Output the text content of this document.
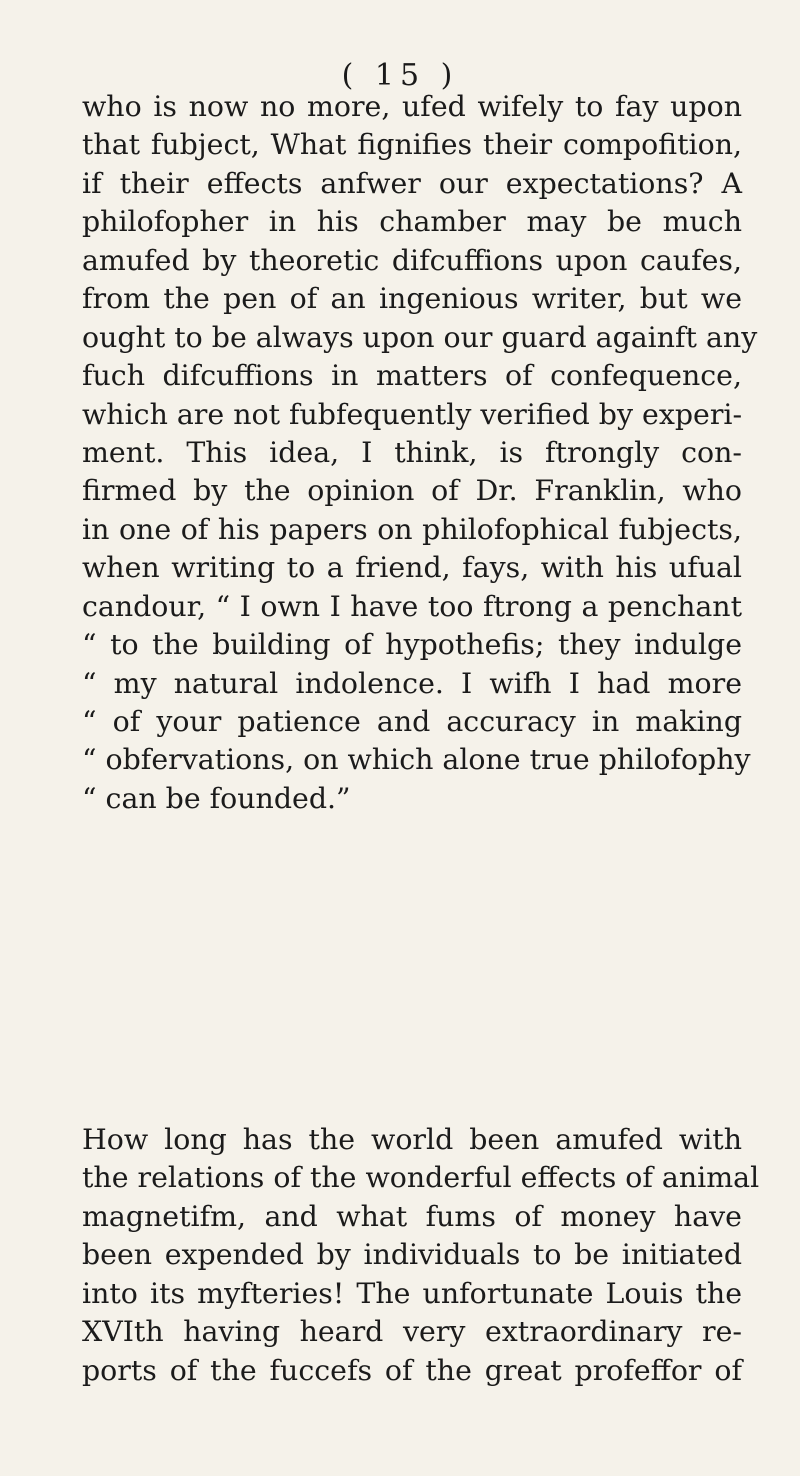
( 15 )
who is now no more, ufed wifely to fay upon
that fubject, What fignifies their compofition,
if their effects anfwer our expectations? A
philofopher in his chamber may be much
amufed by theoretic difcuffions upon caufes,
from the pen of an ingenious writer, but we
ought to be always upon our guard againft any
fuch difcuffions in matters of confequence,
which are not fubfequently verified by experi-
ment. This idea, I think, is ftrongly con-
firmed by the opinion of Dr. Franklin, who
in one of his papers on philofophical fubjects,
when writing to a friend, fays, with his ufual
candour, “ I own I have too ftrong a penchant
“ to the building of hypothefis; they indulge
“ my natural indolence. I wifh I had more
“ of your patience and accuracy in making
“ obfervations, on which alone true philofophy
“ can be founded.”
How long has the world been amufed with
the relations of the wonderful effects of animal
magnetifm, and what fums of money have
been expended by individuals to be initiated
into its myfteries! The unfortunate Louis the
XVIth having heard very extraordinary re-
ports of the fuccefs of the great profeffor of
